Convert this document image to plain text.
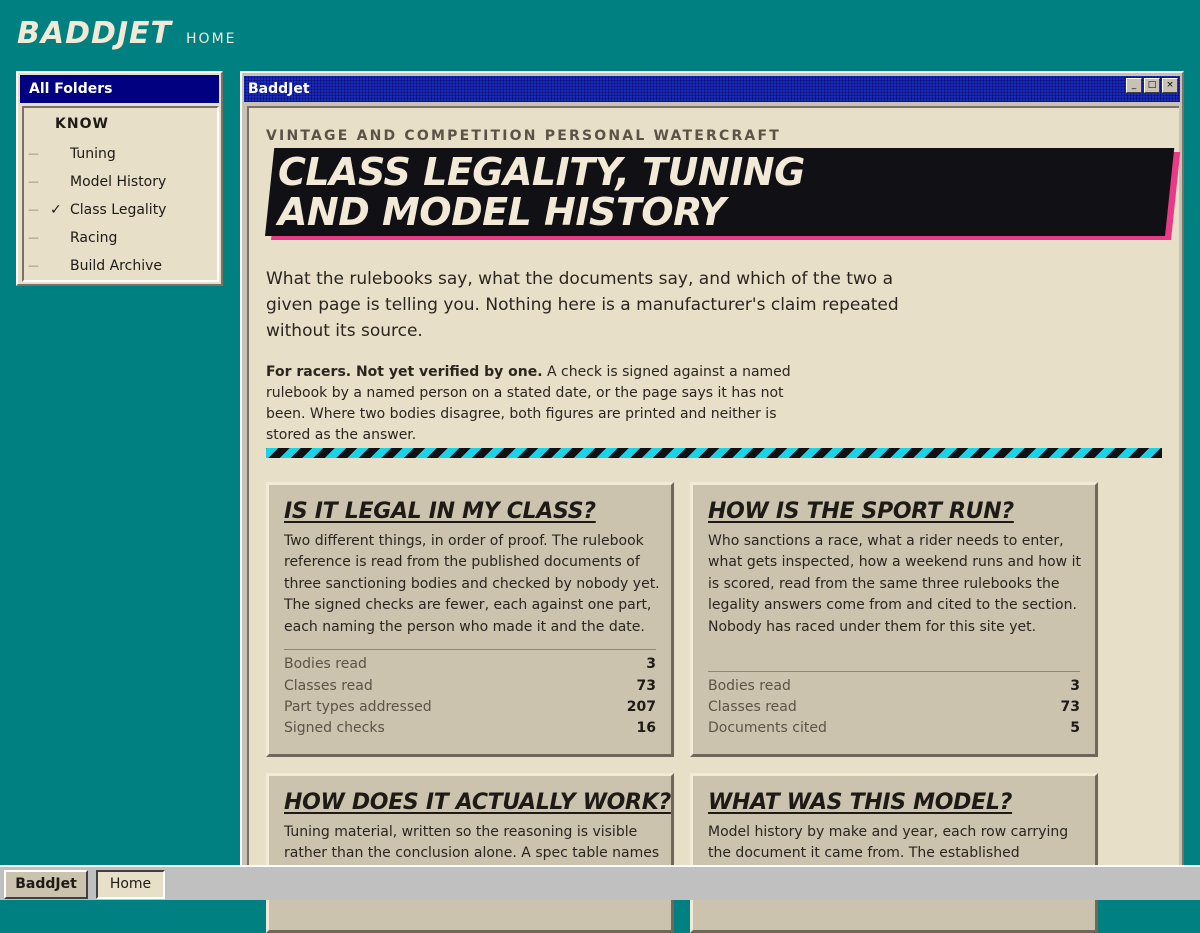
BADDJET HOME
All Folders
KNOW
— Tuning
— Model History
— ✓ Class Legality
— Racing
— Build Archive
BaddJet	_	□	×
VINTAGE AND COMPETITION PERSONAL WATERCRAFT
CLASS LEGALITY, TUNING
AND MODEL HISTORY
What the rulebooks say, what the documents say, and which of the two a given page is telling you. Nothing here is a manufacturer's claim repeated without its source.
For racers. Not yet verified by one. A check is signed against a named rulebook by a named person on a stated date, or the page says it has not been. Where two bodies disagree, both figures are printed and neither is stored as the answer.
IS IT LEGAL IN MY CLASS?
Two different things, in order of proof. The rulebook reference is read from the published documents of three sanctioning bodies and checked by nobody yet. The signed checks are fewer, each against one part, each naming the person who made it and the date.
Bodies read	3
Classes read	73
Part types addressed	207
Signed checks	16
HOW IS THE SPORT RUN?
Who sanctions a race, what a rider needs to enter, what gets inspected, how a weekend runs and how it is scored, read from the same three rulebooks the legality answers come from and cited to the section. Nobody has raced under them for this site yet.
Bodies read	3
Classes read	73
Documents cited	5
HOW DOES IT ACTUALLY WORK?
Tuning material, written so the reasoning is visible rather than the conclusion alone. A spec table names
WHAT WAS THIS MODEL?
Model history by make and year, each row carrying the document it came from. The established
BaddJet	Home
